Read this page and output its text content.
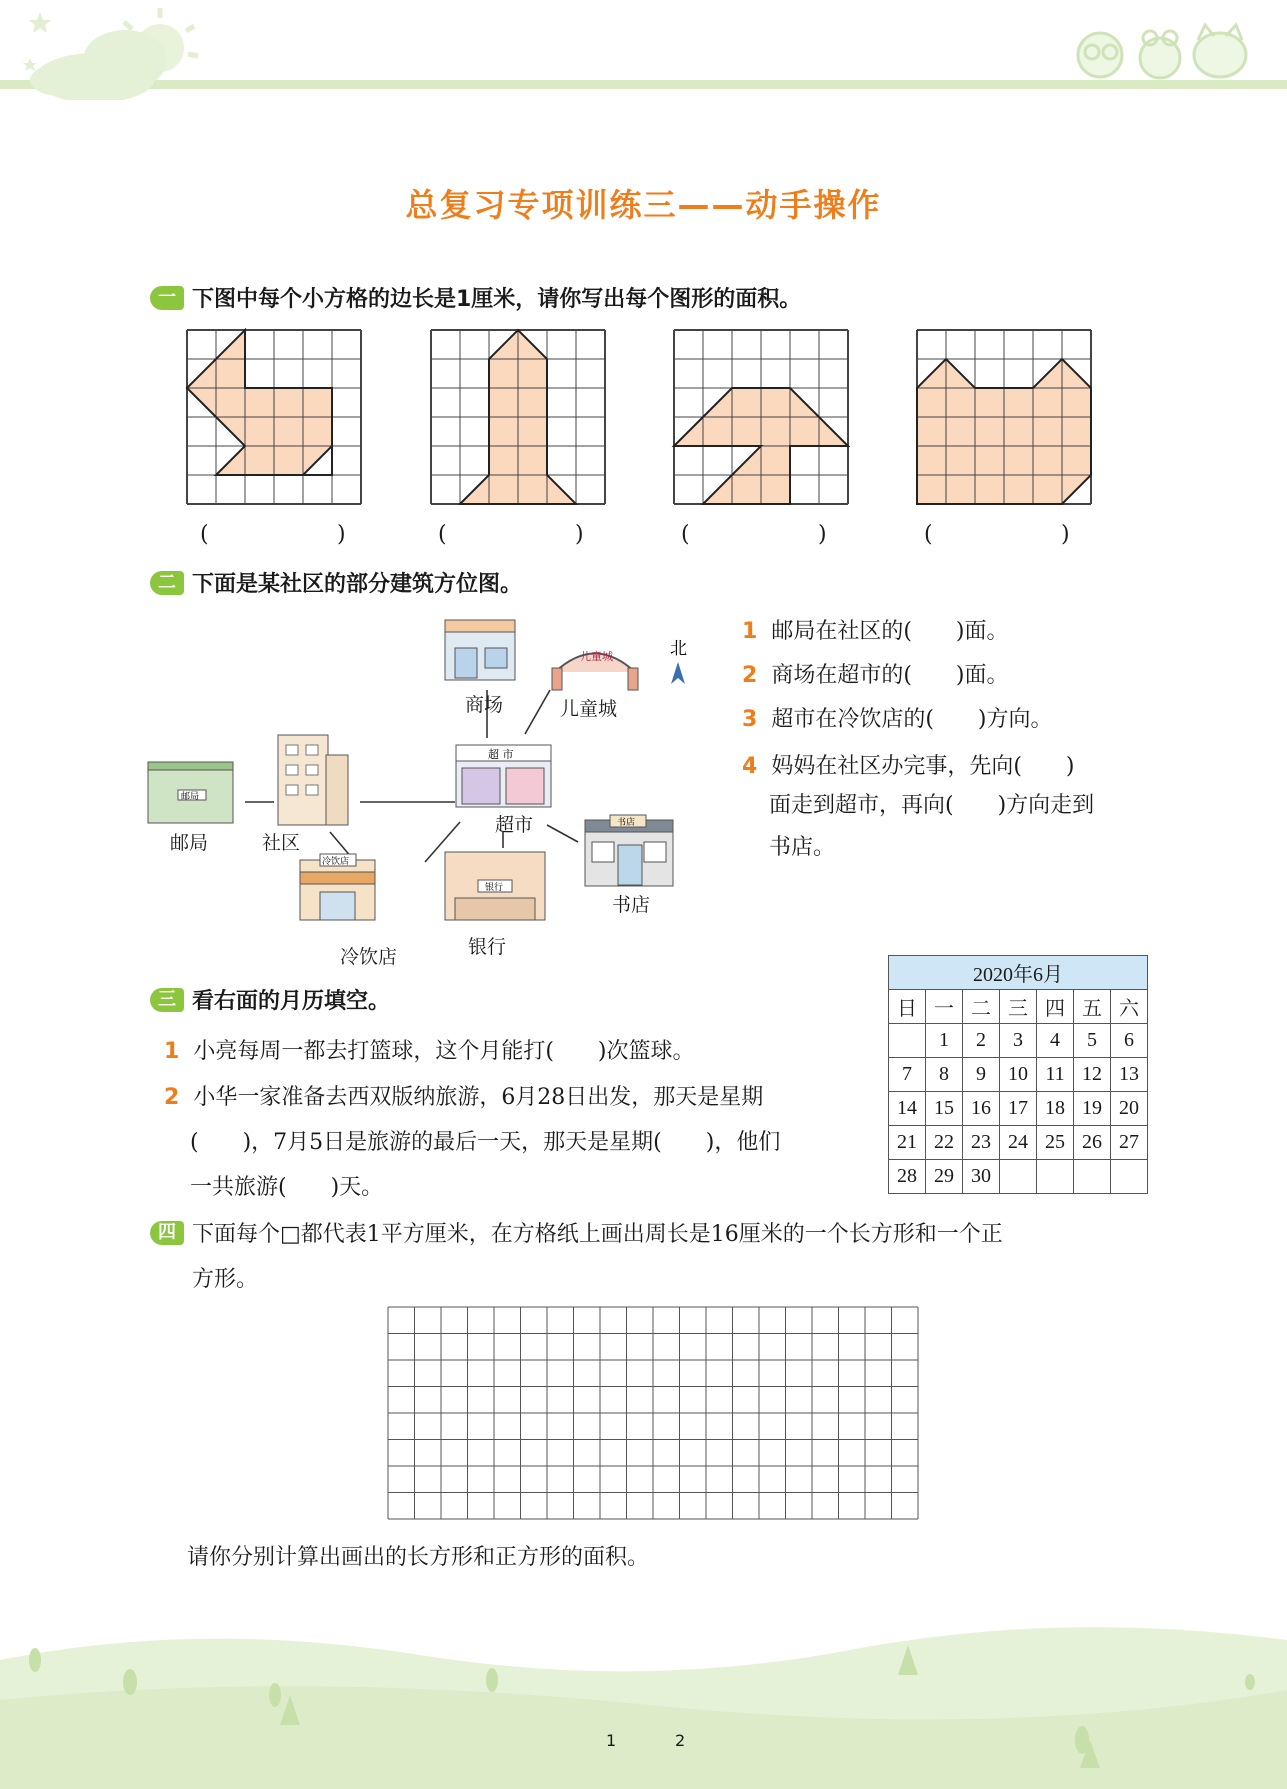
总复习专项训练三——动手操作
一 下图中每个小方格的边长是1厘米，请你写出每个图形的面积。
(	)	(	)	(	)	(	)
二 下面是某社区的部分建筑方位图。
儿童城	北
邮局
超 市
冷饮店
银行
书店
商场	儿童城
邮局	社区
超市
书店
冷饮店	银行
1 邮局在社区的(　　)面。
2 商场在超市的(　　)面。
3 超市在冷饮店的(　　)方向。
4 妈妈在社区办完事，先向(　　)
面走到超市，再向(　　)方向走到
书店。
三 看右面的月历填空。
1 小亮每周一都去打篮球，这个月能打(　　)次篮球。
2 小华一家准备去西双版纳旅游，6月28日出发，那天是星期
(　　)，7月5日是旅游的最后一天，那天是星期(　　)，他们
一共旅游(　　)天。
2020年6月						
日	一	二	三	四	五	六
	1	2	3	4	5	6
7	8	9	10	11	12	13
14	15	16	17	18	19	20
21	22	23	24	25	26	27
28	29	30				
四 下面每个□都代表1平方厘米，在方格纸上画出周长是16厘米的一个长方形和一个正
方形。
请你分别计算出画出的长方形和正方形的面积。
1	2
